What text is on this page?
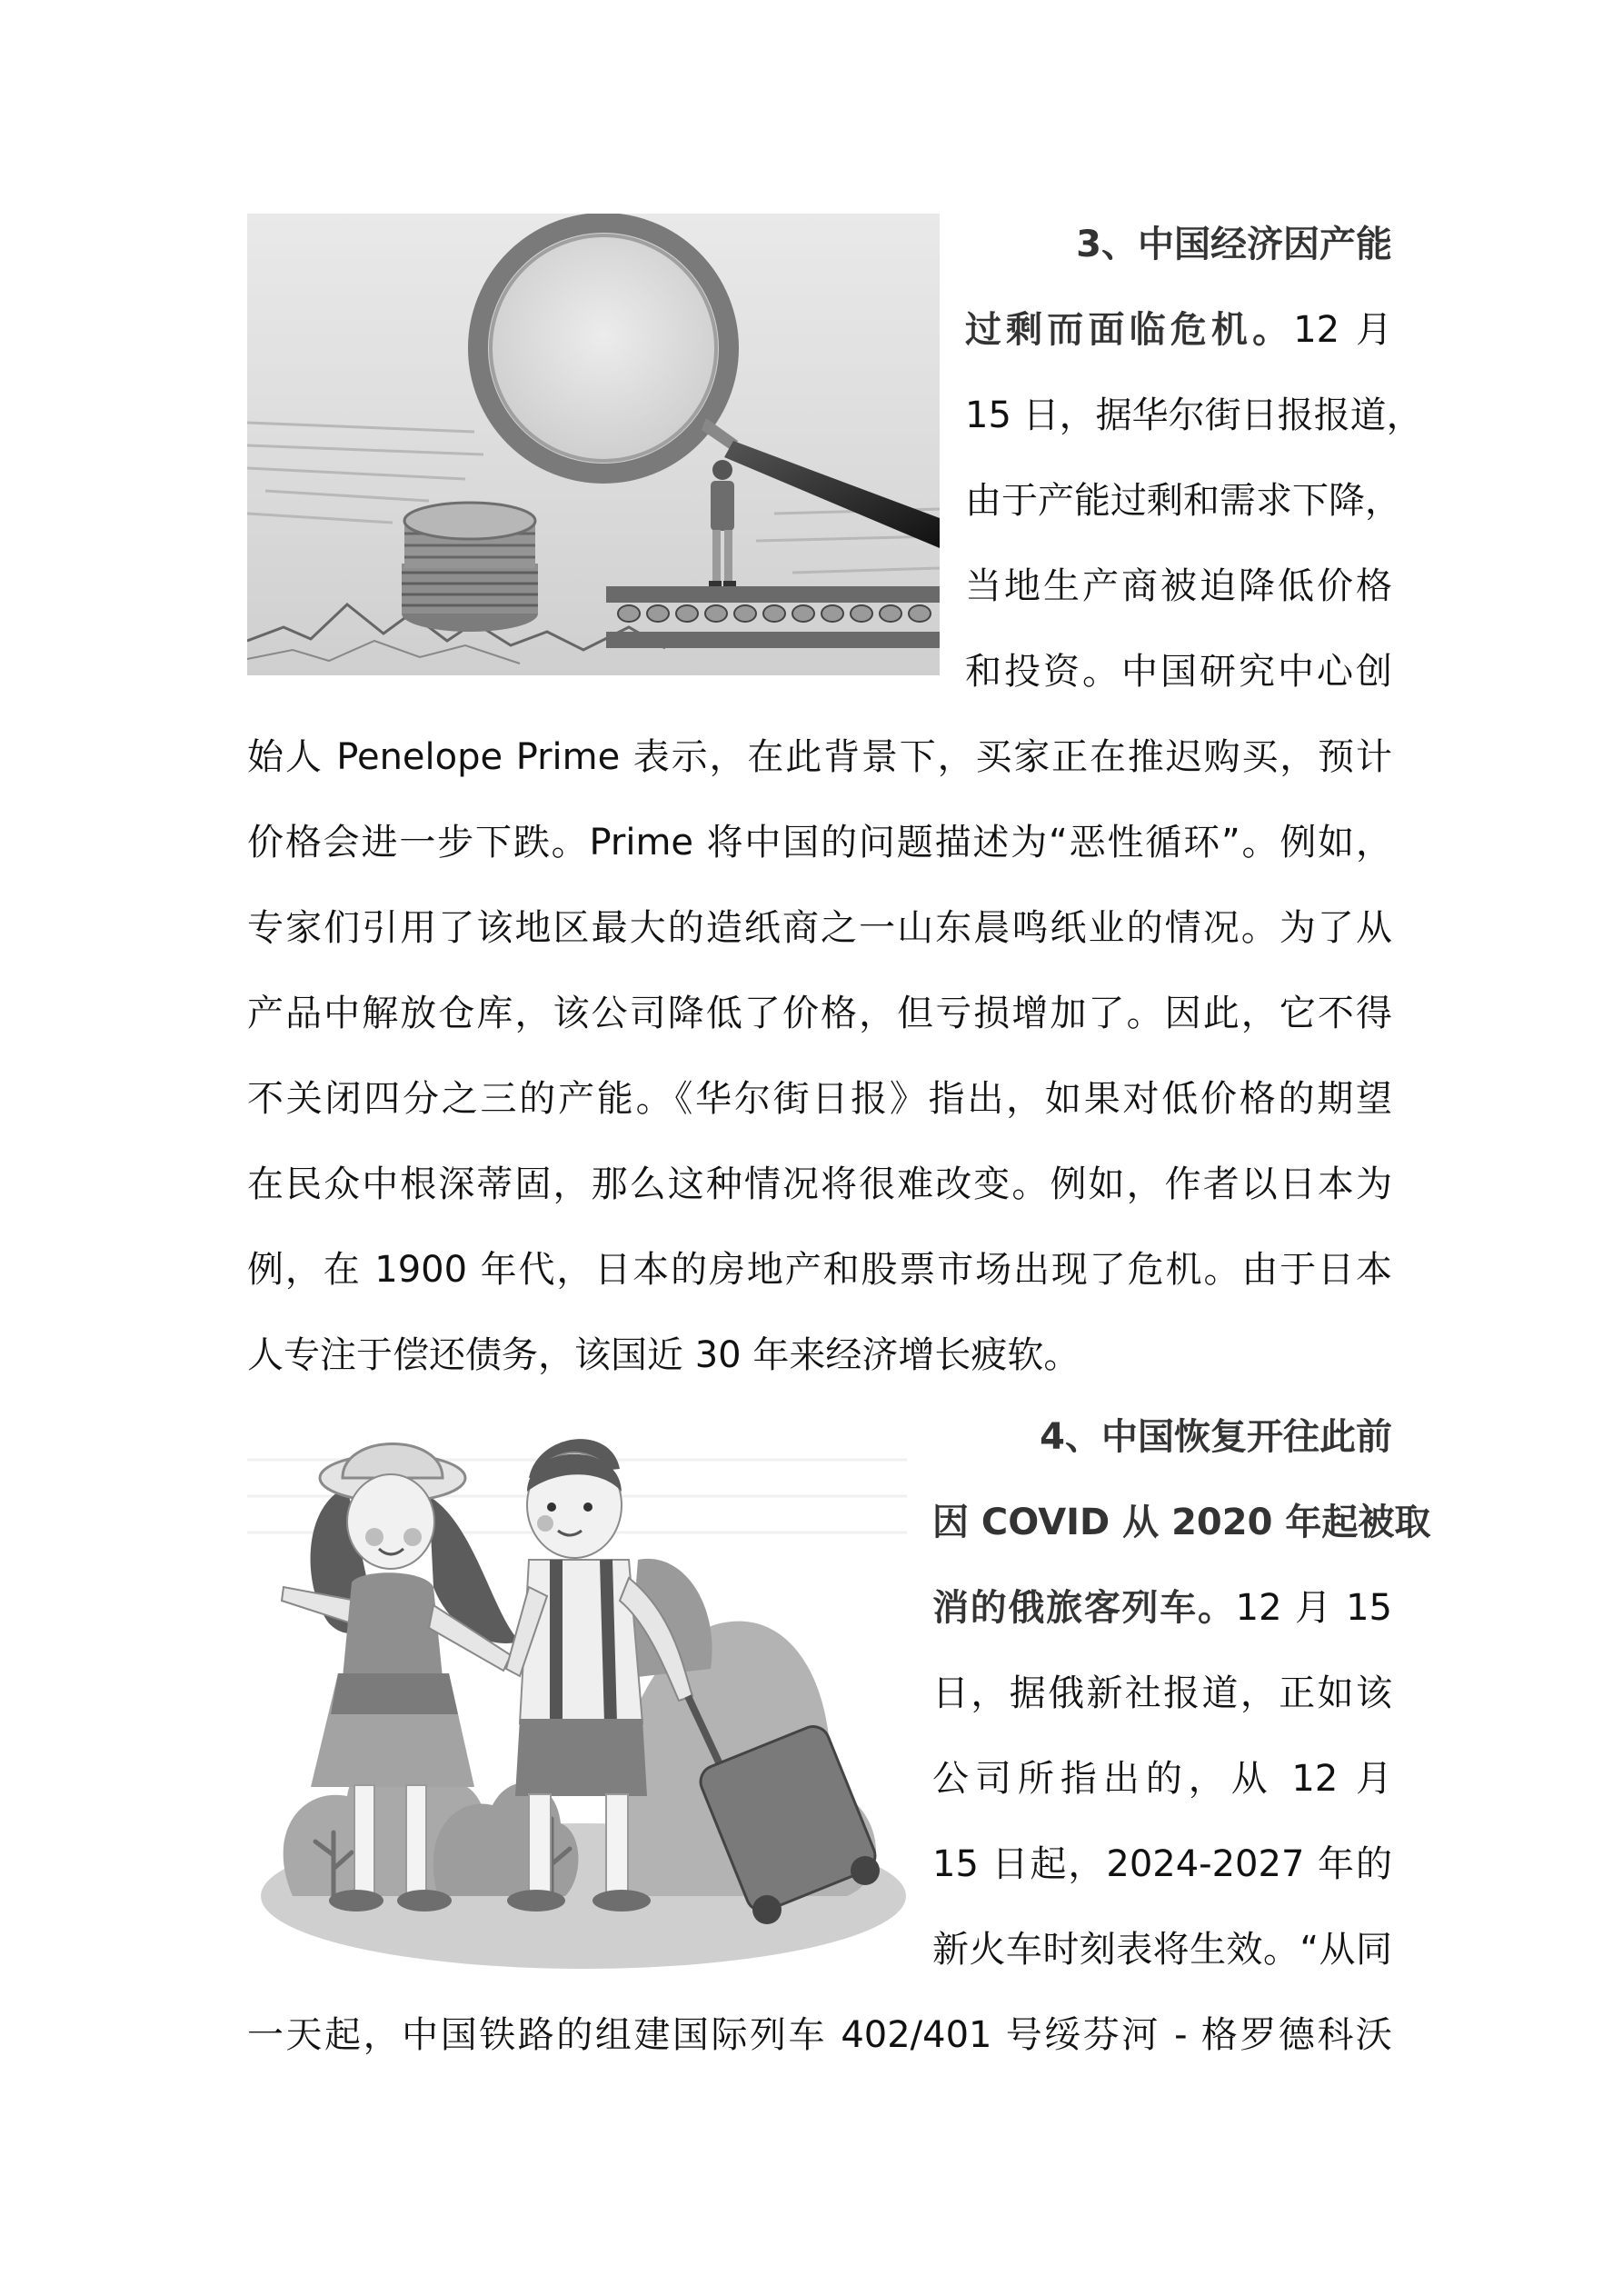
3、中国经济因产能
过剩而面临危机。12 月
15 日，据华尔街日报报道，
由于产能过剩和需求下降，
当地生产商被迫降低价格
和投资。中国研究中心创
始人 Penelope Prime 表示，在此背景下，买家正在推迟购买，预计
价格会进一步下跌。Prime 将中国的问题描述为“恶性循环”。例如，
专家们引用了该地区最大的造纸商之一山东晨鸣纸业的情况。为了从
产品中解放仓库，该公司降低了价格，但亏损增加了。因此，它不得
不关闭四分之三的产能。《华尔街日报》指出，如果对低价格的期望
在民众中根深蒂固，那么这种情况将很难改变。例如，作者以日本为
例，在 1900 年代，日本的房地产和股票市场出现了危机。由于日本
人专注于偿还债务，该国近 30 年来经济增长疲软。
4、中国恢复开往此前
因 COVID 从 2020 年起被取
消的俄旅客列车。12 月 15
日，据俄新社报道，正如该
公司所指出的，从 12 月
15 日起，2024-2027 年的
新火车时刻表将生效。“从同
一天起，中国铁路的组建国际列车 402/401 号绥芬河 - 格罗德科沃
